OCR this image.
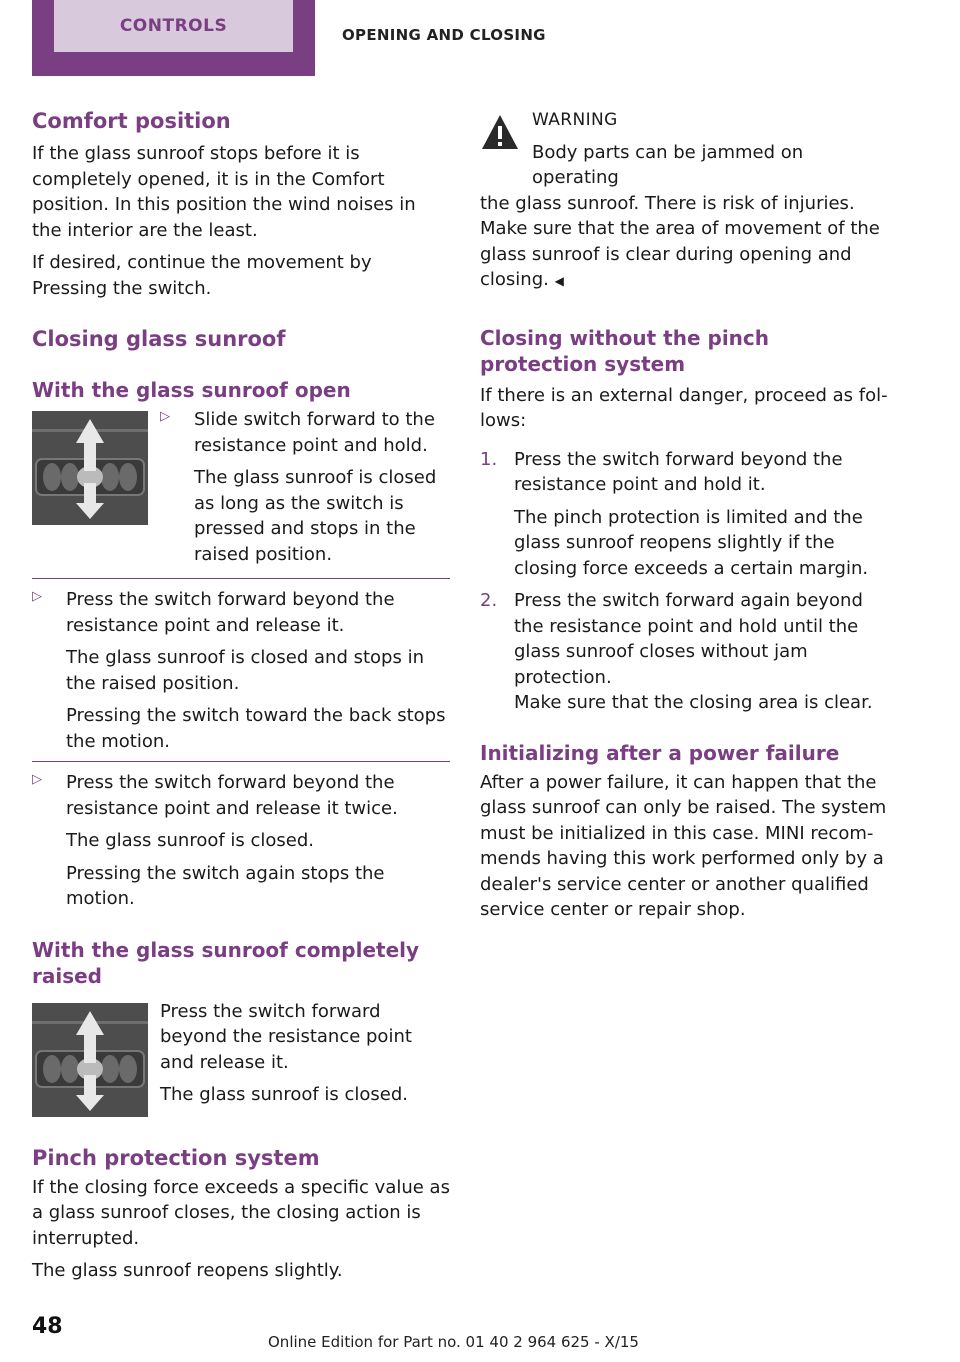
CONTROLS	OPENING AND CLOSING
Comfort position

If the glass sunroof stops before it is completely opened, it is in the Comfort position. In this position the wind noises in the interior are the least.

If desired, continue the movement by Pressing the switch.

Closing glass sunroof
With the glass sunroof open
▷ Slide switch forward to the resistance point and hold.

The glass sunroof is closed as long as the switch is pressed and stops in the raised position.

▷ Press the switch forward beyond the resistance point and release it.

The glass sunroof is closed and stops in the raised position.

Pressing the switch toward the back stops the motion.

▷ Press the switch forward beyond the resistance point and release it twice.

The glass sunroof is closed.

Pressing the switch again stops the motion.

With the glass sunroof completely raised

Press the switch forward beyond the resistance point and release it.

The glass sunroof is closed.

Pinch protection system

If the closing force exceeds a specific value as a glass sunroof closes, the closing action is interrupted.

The glass sunroof reopens slightly.

WARNING

Body parts can be jammed on operating

the glass sunroof. There is risk of injuries. Make sure that the area of movement of the glass sunroof is clear during opening and closing. ◀

Closing without the pinch protection system

If there is an external danger, proceed as follows:

1. Press the switch forward beyond the resistance point and hold it.

The pinch protection is limited and the glass sunroof reopens slightly if the closing force exceeds a certain margin.

2. Press the switch forward again beyond the resistance point and hold until the glass sunroof closes without jam protection.

Make sure that the closing area is clear.

Initializing after a power failure

After a power failure, it can happen that the glass sunroof can only be raised. The system must be initialized in this case. MINI recommends having this work performed only by a dealer's service center or another qualified service center or repair shop.

48
Online Edition for Part no. 01 40 2 964 625 - X/15
